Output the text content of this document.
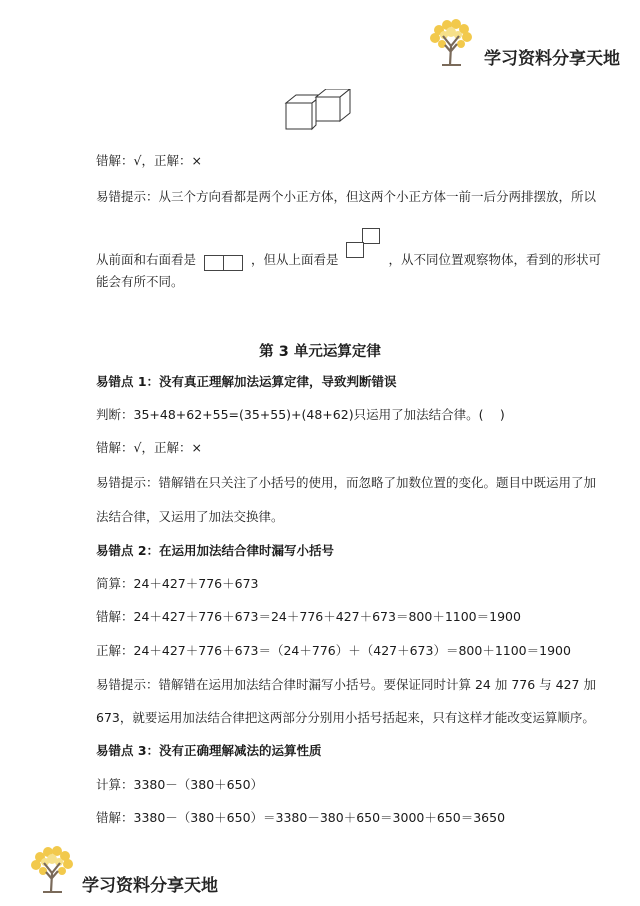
学习资料分享天地
错解：√，正解：×
易错提示：从三个方向看都是两个小正方体，但这两个小正方体一前一后分两排摆放，所以
从前面和右面看是	，但从上面看是	，从不同位置观察物体，看到的形状可
能会有所不同。
第 3 单元运算定律
易错点 1：没有真正理解加法运算定律，导致判断错误
判断：35+48+62+55=(35+55)+(48+62)只运用了加法结合律。(　 )
错解：√，正解：×
易错提示：错解错在只关注了小括号的使用，而忽略了加数位置的变化。题目中既运用了加
法结合律，又运用了加法交换律。
易错点 2：在运用加法结合律时漏写小括号
简算：24＋427＋776＋673
错解：24＋427＋776＋673＝24＋776＋427＋673＝800＋1100＝1900
正解：24＋427＋776＋673＝（24＋776）＋（427＋673）＝800＋1100＝1900
易错提示：错解错在运用加法结合律时漏写小括号。要保证同时计算 24 加 776 与 427 加
673，就要运用加法结合律把这两部分分别用小括号括起来，只有这样才能改变运算顺序。
易错点 3：没有正确理解减法的运算性质
计算：3380－（380＋650）
错解：3380－（380＋650）＝3380－380＋650＝3000＋650＝3650
学习资料分享天地
